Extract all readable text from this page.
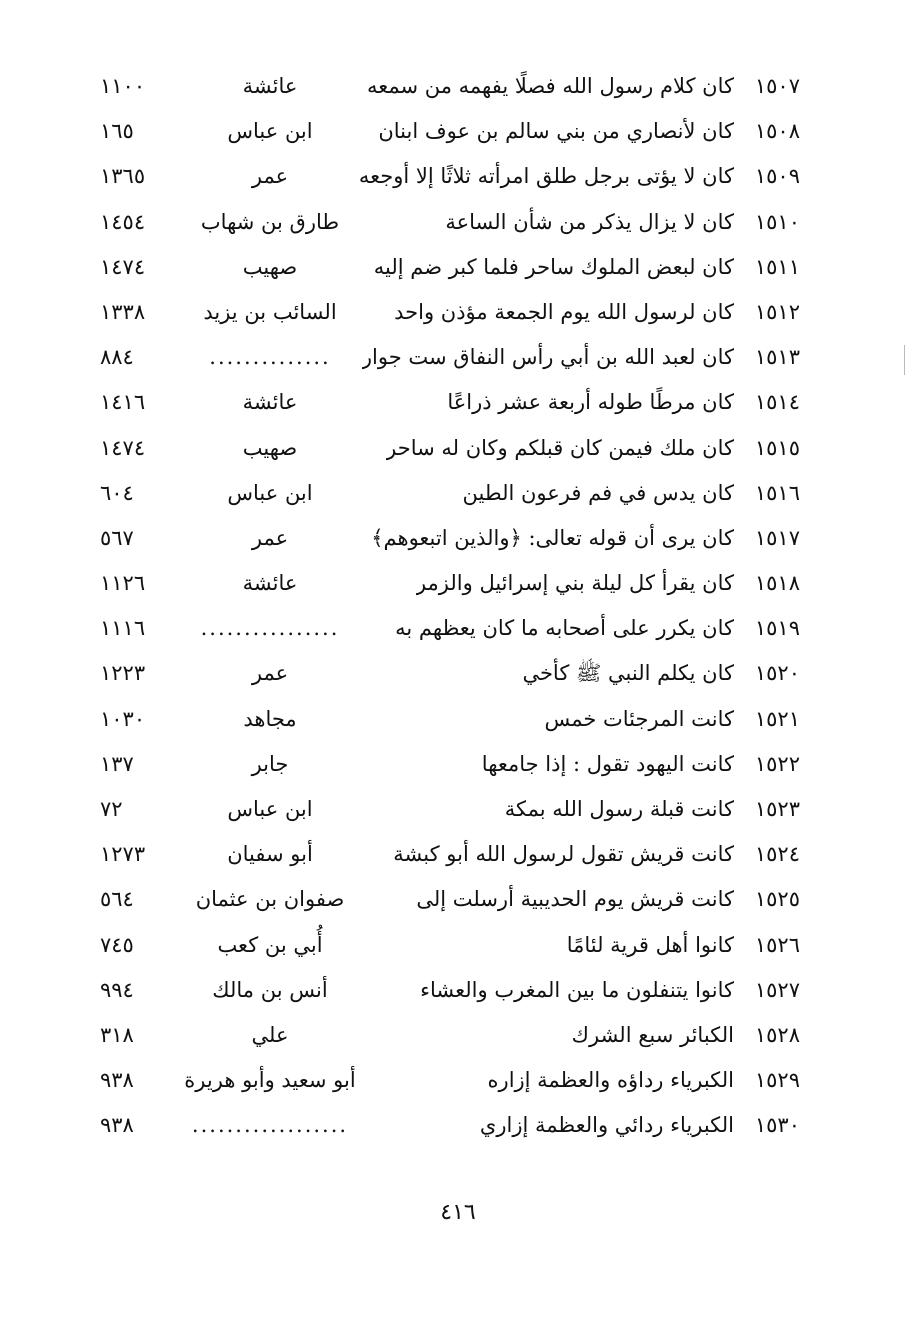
١٥٠٧
كان كلام رسول الله فصلًا يفهمه من سمعه
عائشة
١١٠٠
١٥٠٨
كان لأنصاري من بني سالم بن عوف ابنان
ابن عباس
١٦٥
١٥٠٩
كان لا يؤتى برجل طلق امرأته ثلاثًا إلا أوجعه
عمر
١٣٦٥
١٥١٠
كان لا يزال يذكر من شأن الساعة
طارق بن شهاب
١٤٥٤
١٥١١
كان لبعض الملوك ساحر فلما كبر ضم إليه
صهيب
١٤٧٤
١٥١٢
كان لرسول الله يوم الجمعة مؤذن واحد
السائب بن يزيد
١٣٣٨
١٥١٣
كان لعبد الله بن أبي رأس النفاق ست جوار
..............
٨٨٤
١٥١٤
كان مرطًا طوله أربعة عشر ذراعًا
عائشة
١٤١٦
١٥١٥
كان ملك فيمن كان قبلكم وكان له ساحر
صهيب
١٤٧٤
١٥١٦
كان يدس في فم فرعون الطين
ابن عباس
٦٠٤
١٥١٧
كان يرى أن قوله تعالى: ﴿والذين اتبعوهم﴾
عمر
٥٦٧
١٥١٨
كان يقرأ كل ليلة بني إسرائيل والزمر
عائشة
١١٢٦
١٥١٩
كان يكرر على أصحابه ما كان يعظهم به
................
١١١٦
١٥٢٠
كان يكلم النبي ﷺ كأخي
عمر
١٢٢٣
١٥٢١
كانت المرجئات خمس
مجاهد
١٠٣٠
١٥٢٢
كانت اليهود تقول : إذا جامعها
جابر
١٣٧
١٥٢٣
كانت قبلة رسول الله بمكة
ابن عباس
٧٢
١٥٢٤
كانت قريش تقول لرسول الله أبو كبشة
أبو سفيان
١٢٧٣
١٥٢٥
كانت قريش يوم الحديبية أرسلت إلى
صفوان بن عثمان
٥٦٤
١٥٢٦
كانوا أهل قرية لئامًا
أُبي بن كعب
٧٤٥
١٥٢٧
كانوا يتنفلون ما بين المغرب والعشاء
أنس بن مالك
٩٩٤
١٥٢٨
الكبائر سبع الشرك
علي
٣١٨
١٥٢٩
الكبرياء رداؤه والعظمة إزاره
أبو سعيد وأبو هريرة
٩٣٨
١٥٣٠
الكبرياء ردائي والعظمة إزاري
..................
٩٣٨
٤١٦
